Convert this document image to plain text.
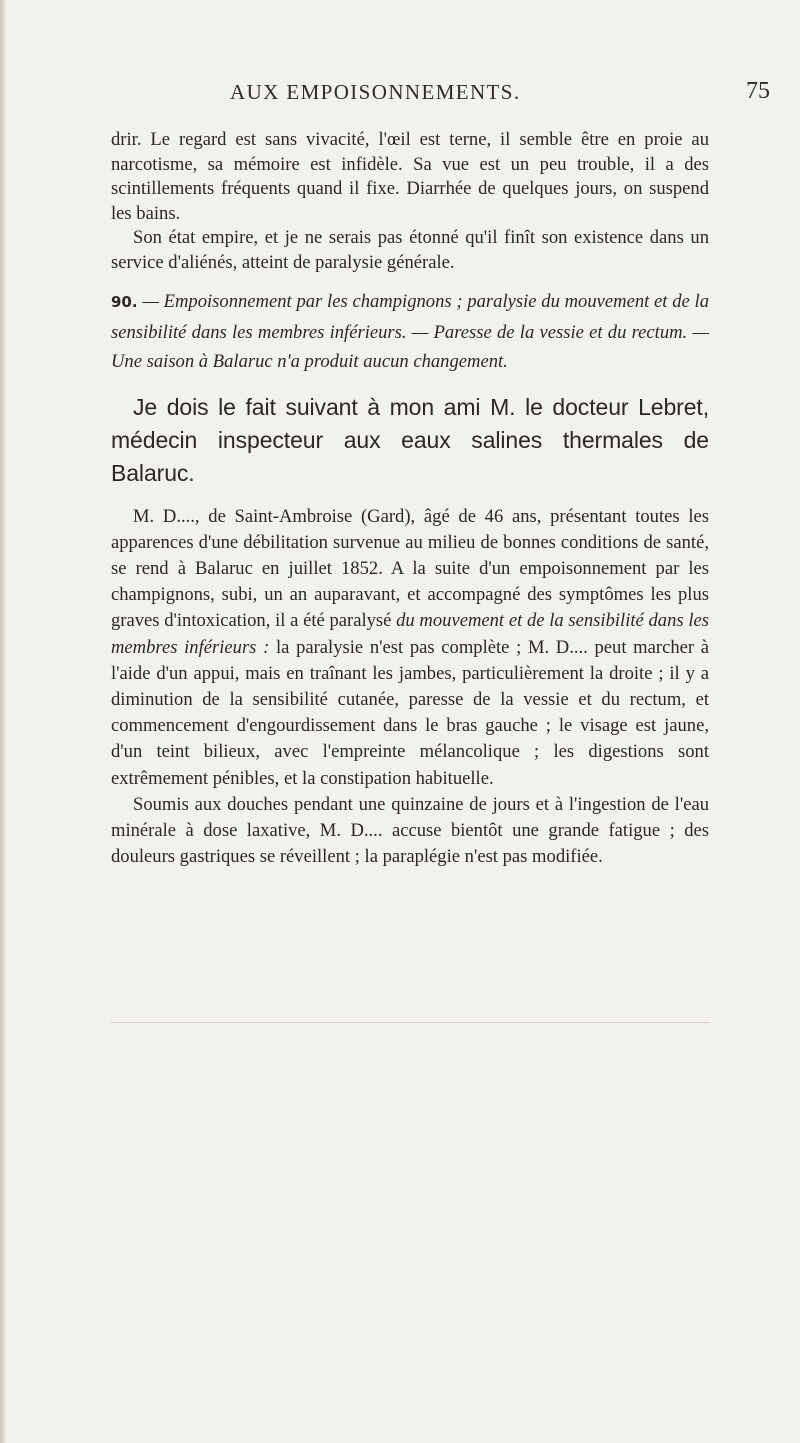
AUX EMPOISONNEMENTS.	75

drir. Le regard est sans vivacité, l'œil est terne, il semble être en proie au narcotisme, sa mémoire est infidèle. Sa vue est un peu trouble, il a des scintillements fréquents quand il fixe. Diarrhée de quelques jours, on suspend les bains.

Son état empire, et je ne serais pas étonné qu'il finît son existence dans un service d'aliénés, atteint de paralysie générale.

90. — Empoisonnement par les champignons ; paralysie du mouvement et de la sensibilité dans les membres inférieurs. — Paresse de la vessie et du rectum. — Une saison à Balaruc n'a produit aucun changement.

Je dois le fait suivant à mon ami M. le docteur Lebret, médecin inspecteur aux eaux salines thermales de Balaruc.

M. D...., de Saint-Ambroise (Gard), âgé de 46 ans, présentant toutes les apparences d'une débilitation survenue au milieu de bonnes conditions de santé, se rend à Balaruc en juillet 1852. A la suite d'un empoisonnement par les champignons, subi, un an auparavant, et accompagné des symptômes les plus graves d'intoxication, il a été paralysé du mouvement et de la sensibilité dans les membres inférieurs : la paralysie n'est pas complète ; M. D.... peut marcher à l'aide d'un appui, mais en traînant les jambes, particulièrement la droite ; il y a diminution de la sensibilité cutanée, paresse de la vessie et du rectum, et commencement d'engourdissement dans le bras gauche ; le visage est jaune, d'un teint bilieux, avec l'empreinte mélancolique ; les digestions sont extrêmement pénibles, et la constipation habituelle.

Soumis aux douches pendant une quinzaine de jours et à l'ingestion de l'eau minérale à dose laxative, M. D.... accuse bientôt une grande fatigue ; des douleurs gastriques se réveillent ; la paraplégie n'est pas modifiée.
